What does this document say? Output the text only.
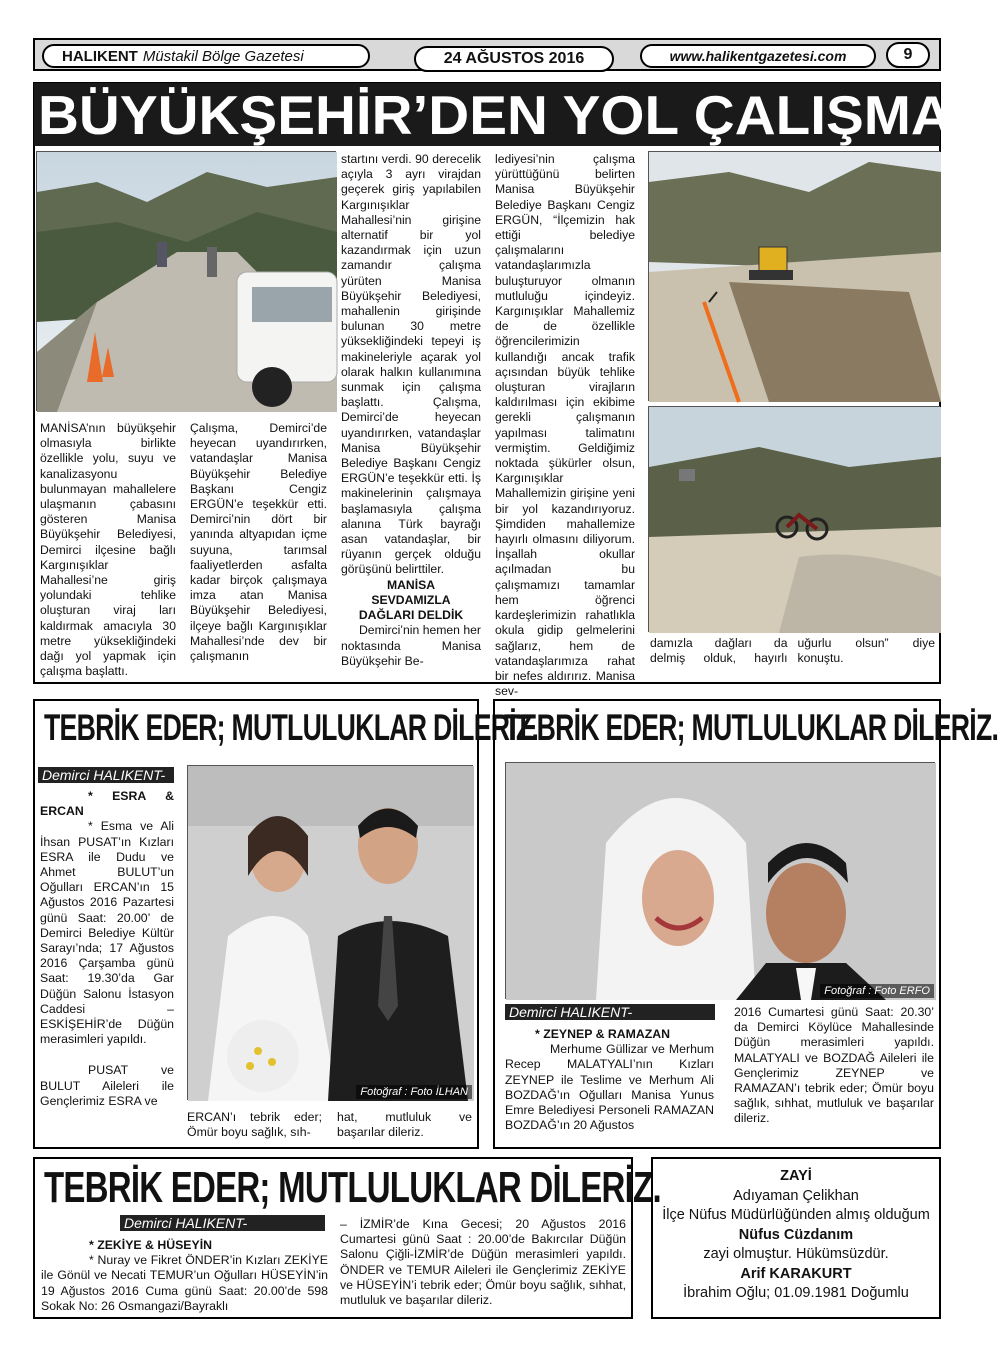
HALIKENT Müstakil Bölge Gazetesi	24 AĞUSTOS 2016	www.halikentgazetesi.com	9
BÜYÜKŞEHİR’DEN YOL ÇALIŞMASI
MANİSA’nın büyükşehir olmasıyla birlikte özellikle yolu, suyu ve kanalizasyonu bulunmayan mahallelere ulaşmanın çabasını gösteren Manisa Büyükşehir Belediyesi, Demirci ilçesine bağlı Kargınışıklar Mahallesi’ne giriş yolundaki tehlike oluşturan viraj ları kaldırmak amacıyla 30 metre yüksekliğindeki dağı yol yapmak için çalışma başlattı.
Çalışma, Demirci’de heyecan uyandırırken, vatandaşlar Manisa Büyükşehir Belediye Başkanı Cengiz ERGÜN’e teşekkür etti. Demirci’nin dört bir yanında altyapıdan içme suyuna, tarımsal faaliyetlerden asfalta kadar birçok çalışmaya imza atan Manisa Büyükşehir Belediyesi, ilçeye bağlı Kargınışıklar Mahallesi’nde dev bir çalışmanın

startını verdi. 90 derecelik açıyla 3 ayrı virajdan geçerek giriş yapılabilen Kargınışıklar Mahallesi’nin girişine alternatif bir yol kazandırmak için uzun zamandır çalışma yürüten Manisa Büyükşehir Belediyesi, mahallenin girişinde bulunan 30 metre yüksekliğindeki tepeyi iş makineleriyle açarak yol olarak halkın kullanımına sunmak için çalışma başlattı. Çalışma, Demirci’de heyecan uyandırırken, vatandaşlar Manisa Büyükşehir Belediye Başkanı Cengiz ERGÜN’e teşekkür etti. İş makinelerinin çalışmaya başlamasıyla çalışma alanına Türk bayrağı asan vatandaşlar, bir rüyanın gerçek olduğu görüşünü belirttiler.

MANİSA SEVDAMIZLA DAĞLARI DELDİK

Demirci’nin hemen her noktasında Manisa Büyükşehir Be-

lediyesi’nin çalışma yürüttüğünü belirten Manisa Büyükşehir Belediye Başkanı Cengiz ERGÜN, “İlçemizin hak ettiği belediye çalışmalarını vatandaşlarımızla buluşturuyor olmanın mutluluğu içindeyiz. Kargınışıklar Mahallemiz de de özellikle öğrencilerimizin kullandığı ancak trafik açısından büyük tehlike oluşturan virajların kaldırılması için ekibime gerekli çalışmanın yapılması talimatını vermiştim. Geldiğimiz noktada şükürler olsun, Kargınışıklar Mahallemizin girişine yeni bir yol kazandırıyoruz. Şimdiden mahallemize hayırlı olmasını diliyorum. İnşallah okullar açılmadan bu çalışmamızı tamamlar hem öğrenci kardeşlerimizin rahatlıkla okula gidip gelmelerini sağlarız, hem de vatandaşlarımıza rahat bir nefes aldırırız. Manisa sev-
damızla dağları da delmiş olduk, hayırlı uğurlu olsun” diye konuştu.
TEBRİK EDER; MUTLULUKLAR DİLERİZ.
Demirci HALIKENT-
Fotoğraf : Foto İLHAN

* ESRA & ERCAN

* Esma ve Ali İhsan PUSAT’ın Kızları ESRA ile Dudu ve Ahmet BULUT’un Oğulları ERCAN’ın 15 Ağustos 2016 Pazartesi günü Saat: 20.00’ de Demirci Belediye Kültür Sarayı’nda; 17 Ağustos 2016 Çarşamba günü Saat: 19.30’da Gar Düğün Salonu İstasyon Caddesi – ESKİŞEHİR’de Düğün merasimleri yapıldı.

PUSAT ve BULUT Aileleri ile Gençlerimiz ESRA ve

ERCAN’ı tebrik eder; Ömür boyu sağlık, sıh-
hat, mutluluk ve başarılar dileriz.
TEBRİK EDER; MUTLULUKLAR DİLERİZ.
Fotoğraf : Foto ERFO
Demirci HALIKENT-

* ZEYNEP & RAMAZAN

Merhume Güllizar ve Merhum Recep MALATYALI’nın Kızları ZEYNEP ile Teslime ve Merhum Ali BOZDAĞ’ın Oğulları Manisa Yunus Emre Belediyesi Personeli RAMAZAN BOZDAĞ’ın 20 Ağustos

2016 Cumartesi günü Saat: 20.30’ da Demirci Köylüce Mahallesinde Düğün merasimleri yapıldı. MALATYALI ve BOZDAĞ Aileleri ile Gençlerimiz ZEYNEP ve RAMAZAN’ı tebrik eder; Ömür boyu sağlık, sıhhat, mutluluk ve başarılar dileriz.
TEBRİK EDER; MUTLULUKLAR DİLERİZ.
Demirci HALIKENT-

* ZEKİYE & HÜSEYİN

* Nuray ve Fikret ÖNDER’in Kızları ZEKİYE ile Gönül ve Necati TEMUR’un Oğulları HÜSEYİN’in 19 Ağustos 2016 Cuma günü Saat: 20.00’de 598 Sokak No: 26 Osmangazi/Bayraklı

– İZMİR’de Kına Gecesi; 20 Ağustos 2016 Cumartesi günü Saat : 20.00’de Bakırcılar Düğün Salonu Çiğli-İZMİR’de Düğün merasimleri yapıldı. ÖNDER ve TEMUR Aileleri ile Gençlerimiz ZEKİYE ve HÜSEYİN’i tebrik eder; Ömür boyu sağlık, sıhhat, mutluluk ve başarılar dileriz.
ZAYİ
Adıyaman Çelikhan
İlçe Nüfus Müdürlüğünden almış olduğum
Nüfus Cüzdanım
zayi olmuştur. Hükümsüzdür.
Arif KARAKURT
İbrahim Oğlu; 01.09.1981 Doğumlu
